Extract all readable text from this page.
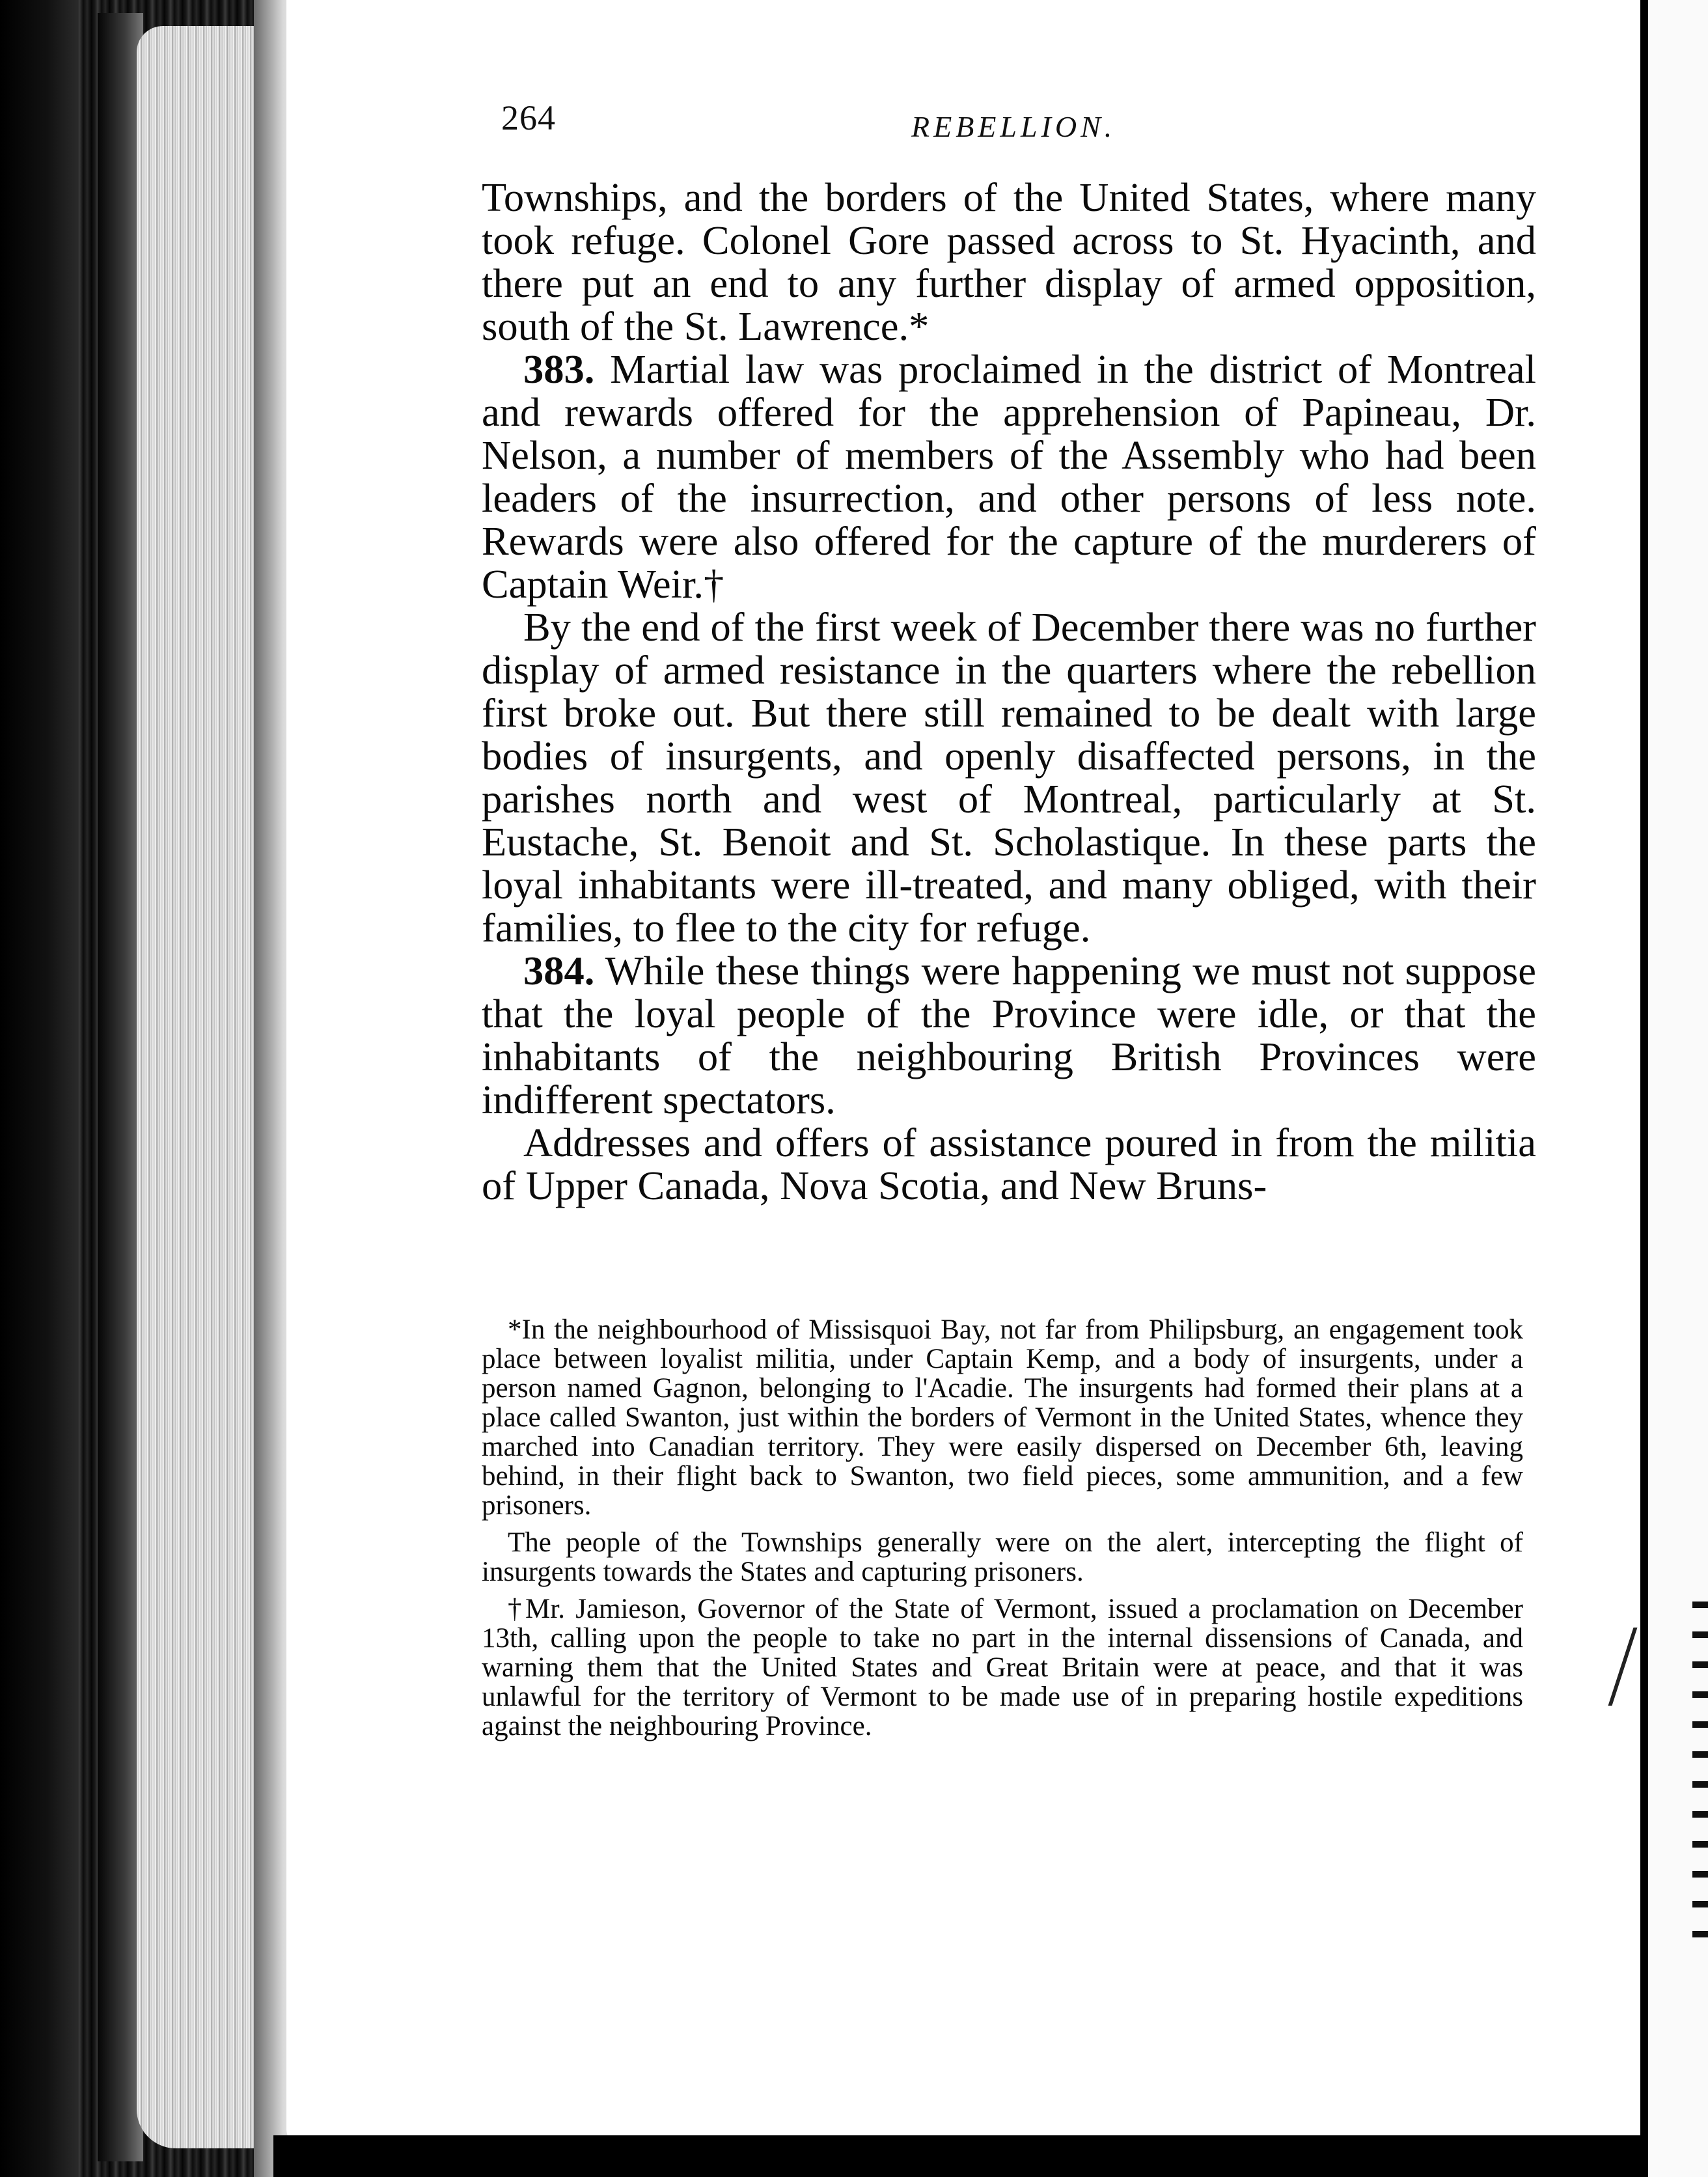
264	REBELLION.

Townships, and the borders of the United States, where many took refuge. Colonel Gore passed across to St. Hyacinth, and there put an end to any further display of armed opposition, south of the St. Lawrence.*

383. Martial law was proclaimed in the district of Montreal and rewards offered for the apprehension of Papineau, Dr. Nelson, a number of members of the Assembly who had been leaders of the insurrection, and other persons of less note. Rewards were also offered for the capture of the murderers of Captain Weir.†

By the end of the first week of December there was no further display of armed resistance in the quarters where the rebellion first broke out. But there still remained to be dealt with large bodies of insurgents, and openly disaffected persons, in the parishes north and west of Montreal, particularly at St. Eustache, St. Benoit and St. Scholastique. In these parts the loyal inhabitants were ill-treated, and many obliged, with their families, to flee to the city for refuge.

384. While these things were happening we must not suppose that the loyal people of the Province were idle, or that the inhabitants of the neighbouring British Provinces were indifferent spectators.

Addresses and offers of assistance poured in from the militia of Upper Canada, Nova Scotia, and New Bruns-

*In the neighbourhood of Missisquoi Bay, not far from Philipsburg, an engagement took place between loyalist militia, under Captain Kemp, and a body of insurgents, under a person named Gagnon, belonging to l'Acadie. The insurgents had formed their plans at a place called Swanton, just within the borders of Vermont in the United States, whence they marched into Canadian territory. They were easily dispersed on December 6th, leaving behind, in their flight back to Swanton, two field pieces, some ammunition, and a few prisoners.

The people of the Townships generally were on the alert, intercepting the flight of insurgents towards the States and capturing prisoners.

†Mr. Jamieson, Governor of the State of Vermont, issued a proclamation on December 13th, calling upon the people to take no part in the internal dissensions of Canada, and warning them that the United States and Great Britain were at peace, and that it was unlawful for the territory of Vermont to be made use of in preparing hostile expeditions against the neighbouring Province.
